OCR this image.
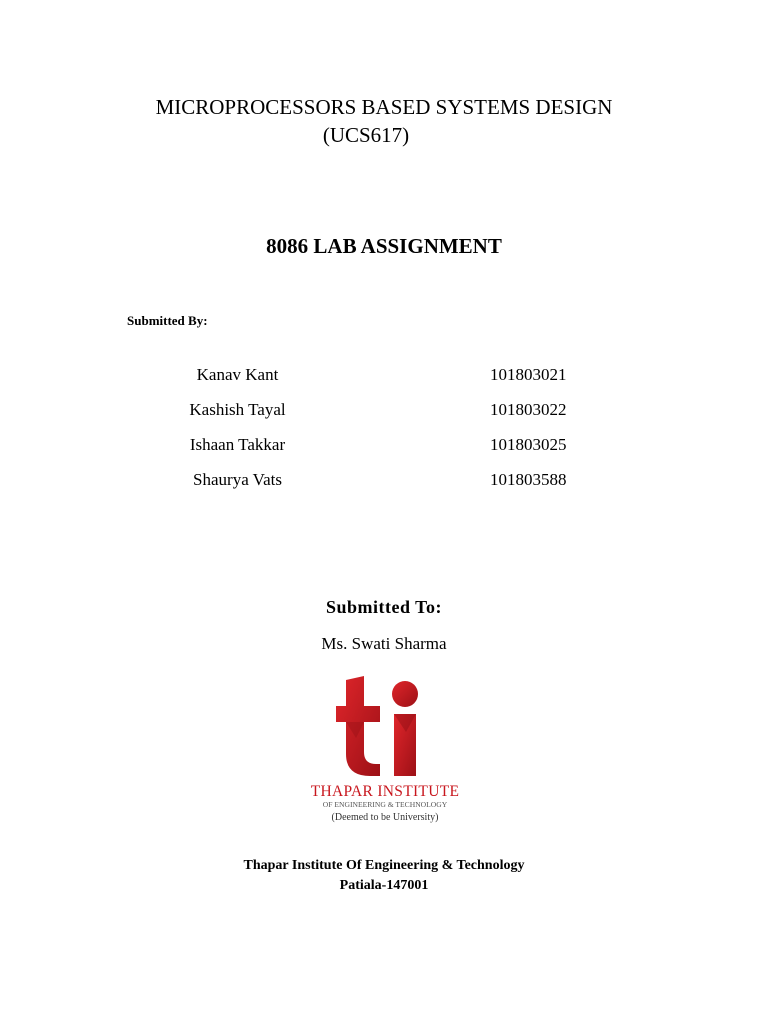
MICROPROCESSORS BASED SYSTEMS DESIGN
(UCS617)
8086 LAB ASSIGNMENT
Submitted By:
Kanav Kant	101803021
Kashish Tayal	101803022
Ishaan Takkar	101803025
Shaurya Vats	101803588
Submitted To:
Ms. Swati Sharma
THAPAR INSTITUTE
OF ENGINEERING & TECHNOLOGY
(Deemed to be University)
Thapar Institute Of Engineering & Technology
Patiala-147001
